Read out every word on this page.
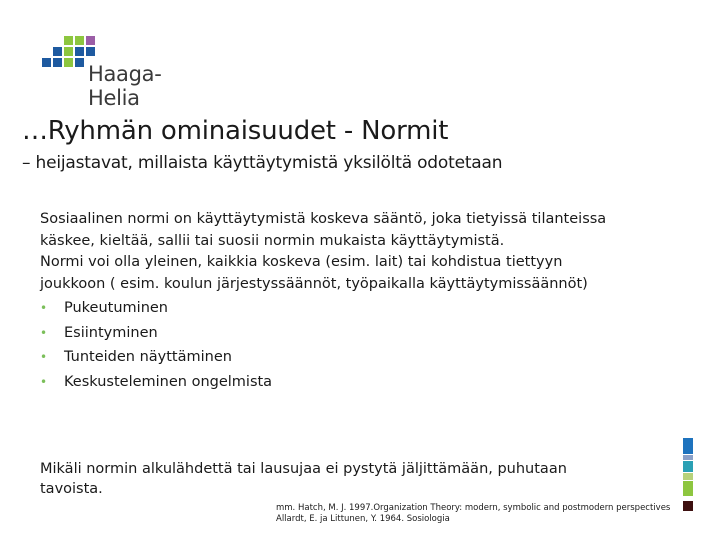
Haaga-Helia
…Ryhmän ominaisuudet - Normit
– heijastavat, millaista käyttäytymistä yksilöltä odotetaan

Sosiaalinen normi on käyttäytymistä koskeva sääntö, joka tietyissä tilanteissa käskee, kieltää, sallii tai suosii normin mukaista käyttäytymistä.

Normi voi olla yleinen, kaikkia koskeva (esim. lait) tai kohdistua tiettyyn joukkoon ( esim. koulun järjestyssäännöt, työpaikalla käyttäytymissäännöt)

• Pukeutuminen
• Esiintyminen
• Tunteiden näyttäminen
• Keskusteleminen ongelmista
Mikäli normin alkulähdettä tai lausujaa ei pystytä jäljittämään, puhutaan tavoista.
mm. Hatch, M. J. 1997.Organization Theory: modern, symbolic and postmodern perspectives
Allardt, E. ja Littunen, Y. 1964. Sosiologia
